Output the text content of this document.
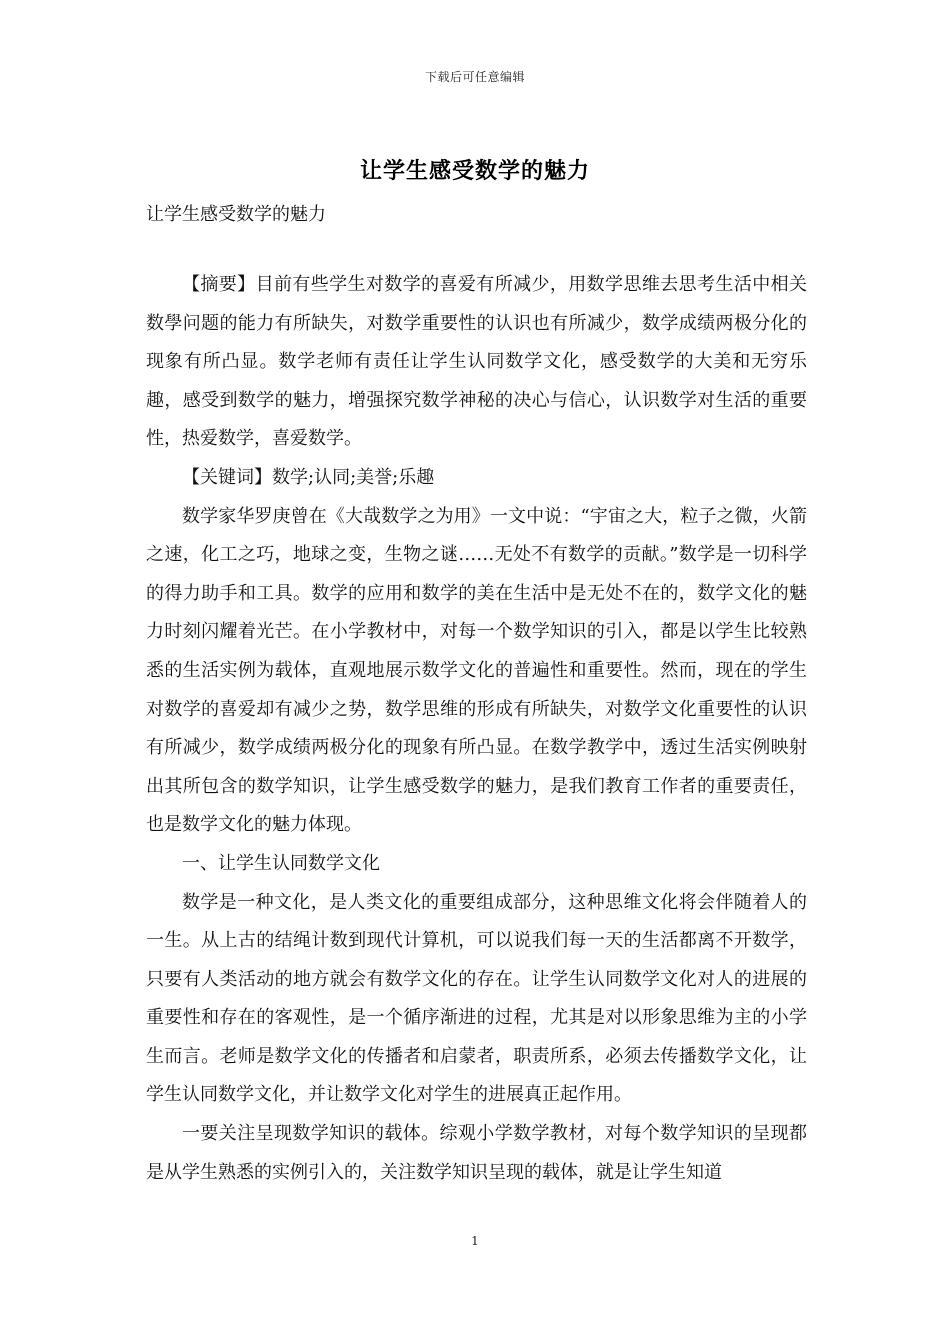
下载后可任意编辑
让学生感受数学的魅力
让学生感受数学的魅力

【摘要】目前有些学生对数学的喜爱有所减少，用数学思维去思考生活中相关数學问题的能力有所缺失，对数学重要性的认识也有所减少，数学成绩两极分化的现象有所凸显。数学老师有责任让学生认同数学文化，感受数学的大美和无穷乐趣，感受到数学的魅力，增强探究数学神秘的决心与信心，认识数学对生活的重要性，热爱数学，喜爱数学。

【关键词】数学;认同;美誉;乐趣

数学家华罗庚曾在《大哉数学之为用》一文中说：“宇宙之大，粒子之微，火箭之速，化工之巧，地球之变，生物之谜……无处不有数学的贡献。”数学是一切科学的得力助手和工具。数学的应用和数学的美在生活中是无处不在的，数学文化的魅力时刻闪耀着光芒。在小学教材中，对每一个数学知识的引入，都是以学生比较熟悉的生活实例为载体，直观地展示数学文化的普遍性和重要性。然而，现在的学生对数学的喜爱却有减少之势，数学思维的形成有所缺失，对数学文化重要性的认识有所减少，数学成绩两极分化的现象有所凸显。在数学教学中，透过生活实例映射出其所包含的数学知识，让学生感受数学的魅力，是我们教育工作者的重要责任，也是数学文化的魅力体现。

一、让学生认同数学文化

数学是一种文化，是人类文化的重要组成部分，这种思维文化将会伴随着人的一生。从上古的结绳计数到现代计算机，可以说我们每一天的生活都离不开数学，只要有人类活动的地方就会有数学文化的存在。让学生认同数学文化对人的进展的重要性和存在的客观性，是一个循序渐进的过程，尤其是对以形象思维为主的小学生而言。老师是数学文化的传播者和启蒙者，职责所系，必须去传播数学文化，让学生认同数学文化，并让数学文化对学生的进展真正起作用。

一要关注呈现数学知识的载体。综观小学数学教材，对每个数学知识的呈现都是从学生熟悉的实例引入的，关注数学知识呈现的载体，就是让学生知道

1
